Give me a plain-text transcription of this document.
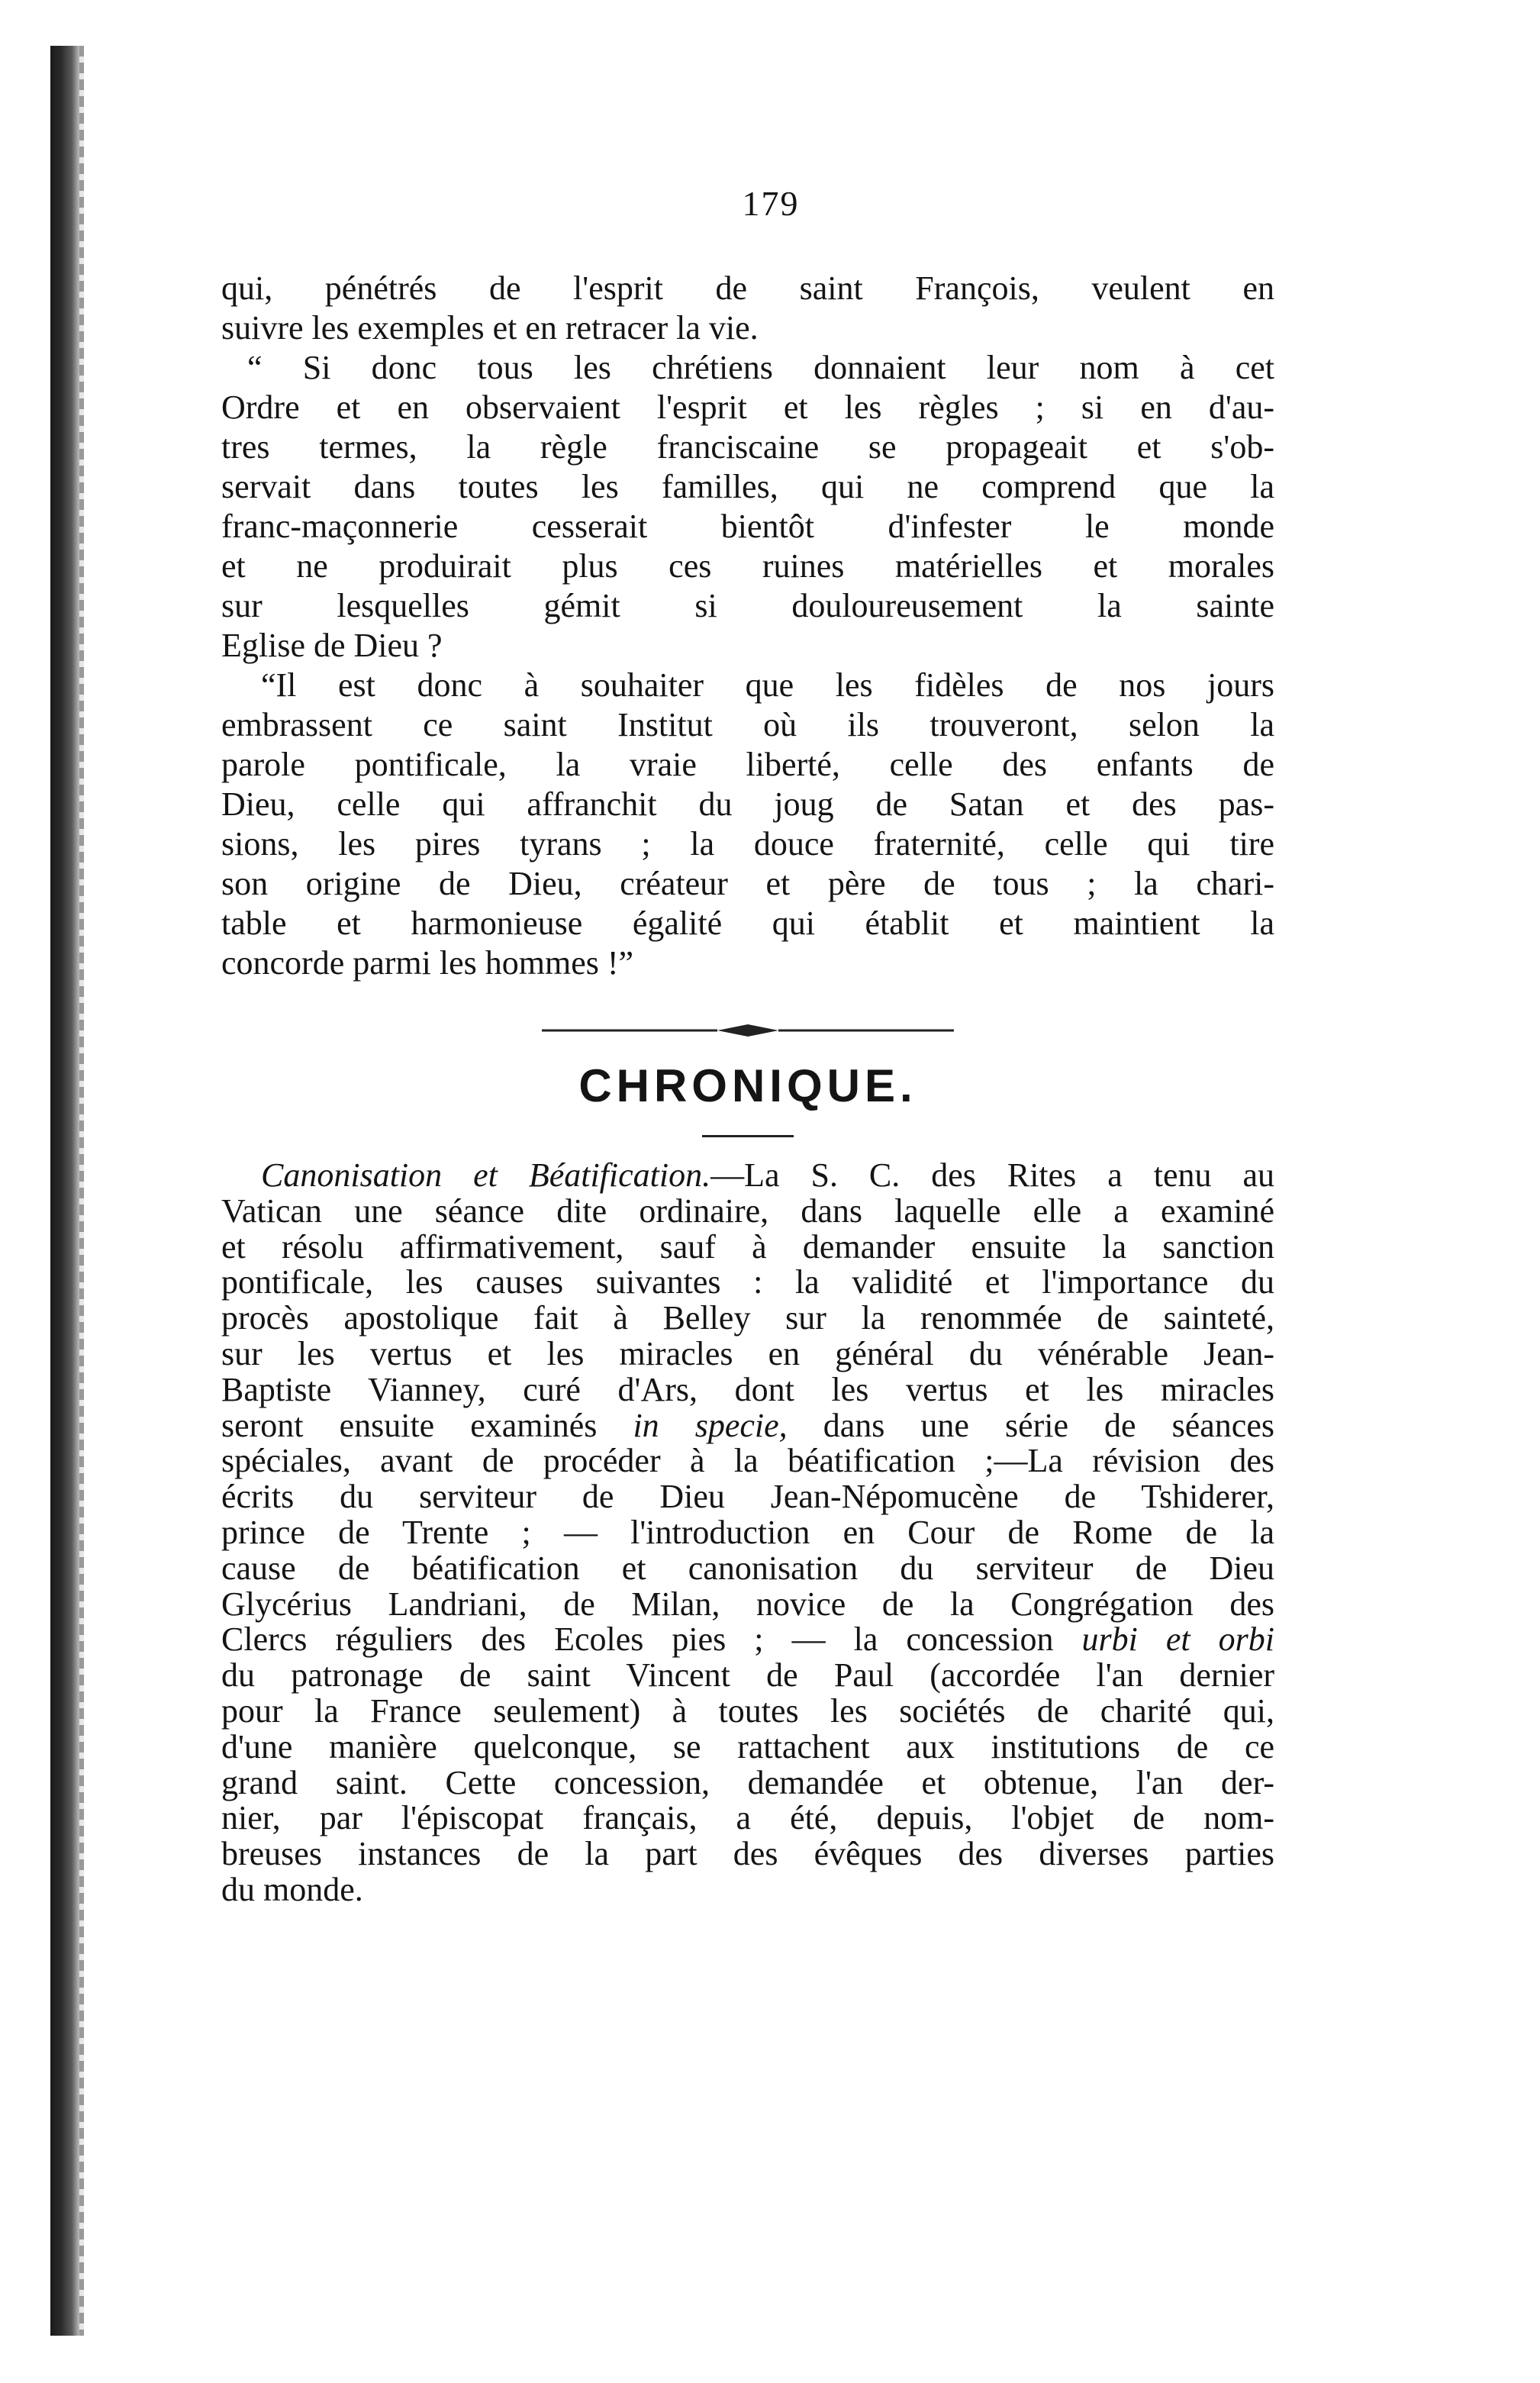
179
qui, pénétrés de l'esprit de saint François, veulent en
suivre les exemples et en retracer la vie.
“ Si donc tous les chrétiens donnaient leur nom à cet
Ordre et en observaient l'esprit et les règles ; si en d'au-
tres termes, la règle franciscaine se propageait et s'ob-
servait dans toutes les familles, qui ne comprend que la
franc-maçonnerie cesserait bientôt d'infester le monde
et ne produirait plus ces ruines matérielles et morales
sur lesquelles gémit si douloureusement la sainte
Eglise de Dieu ?
“Il est donc à souhaiter que les fidèles de nos jours
embrassent ce saint Institut où ils trouveront, selon la
parole pontificale, la vraie liberté, celle des enfants de
Dieu, celle qui affranchit du joug de Satan et des pas-
sions, les pires tyrans ; la douce fraternité, celle qui tire
son origine de Dieu, créateur et père de tous ; la chari-
table et harmonieuse égalité qui établit et maintient la
concorde parmi les hommes !”
CHRONIQUE.
Canonisation et Béatification.—La S. C. des Rites a tenu au
Vatican une séance dite ordinaire, dans laquelle elle a examiné
et résolu affirmativement, sauf à demander ensuite la sanction
pontificale, les causes suivantes : la validité et l'importance du
procès apostolique fait à Belley sur la renommée de sainteté,
sur les vertus et les miracles en général du vénérable Jean-
Baptiste Vianney, curé d'Ars, dont les vertus et les miracles
seront ensuite examinés in specie, dans une série de séances
spéciales, avant de procéder à la béatification ;—La révision des
écrits du serviteur de Dieu Jean-Népomucène de Tshiderer,
prince de Trente ; — l'introduction en Cour de Rome de la
cause de béatification et canonisation du serviteur de Dieu
Glycérius Landriani, de Milan, novice de la Congrégation des
Clercs réguliers des Ecoles pies ; — la concession urbi et orbi
du patronage de saint Vincent de Paul (accordée l'an dernier
pour la France seulement) à toutes les sociétés de charité qui,
d'une manière quelconque, se rattachent aux institutions de ce
grand saint. Cette concession, demandée et obtenue, l'an der-
nier, par l'épiscopat français, a été, depuis, l'objet de nom-
breuses instances de la part des évêques des diverses parties
du monde.
